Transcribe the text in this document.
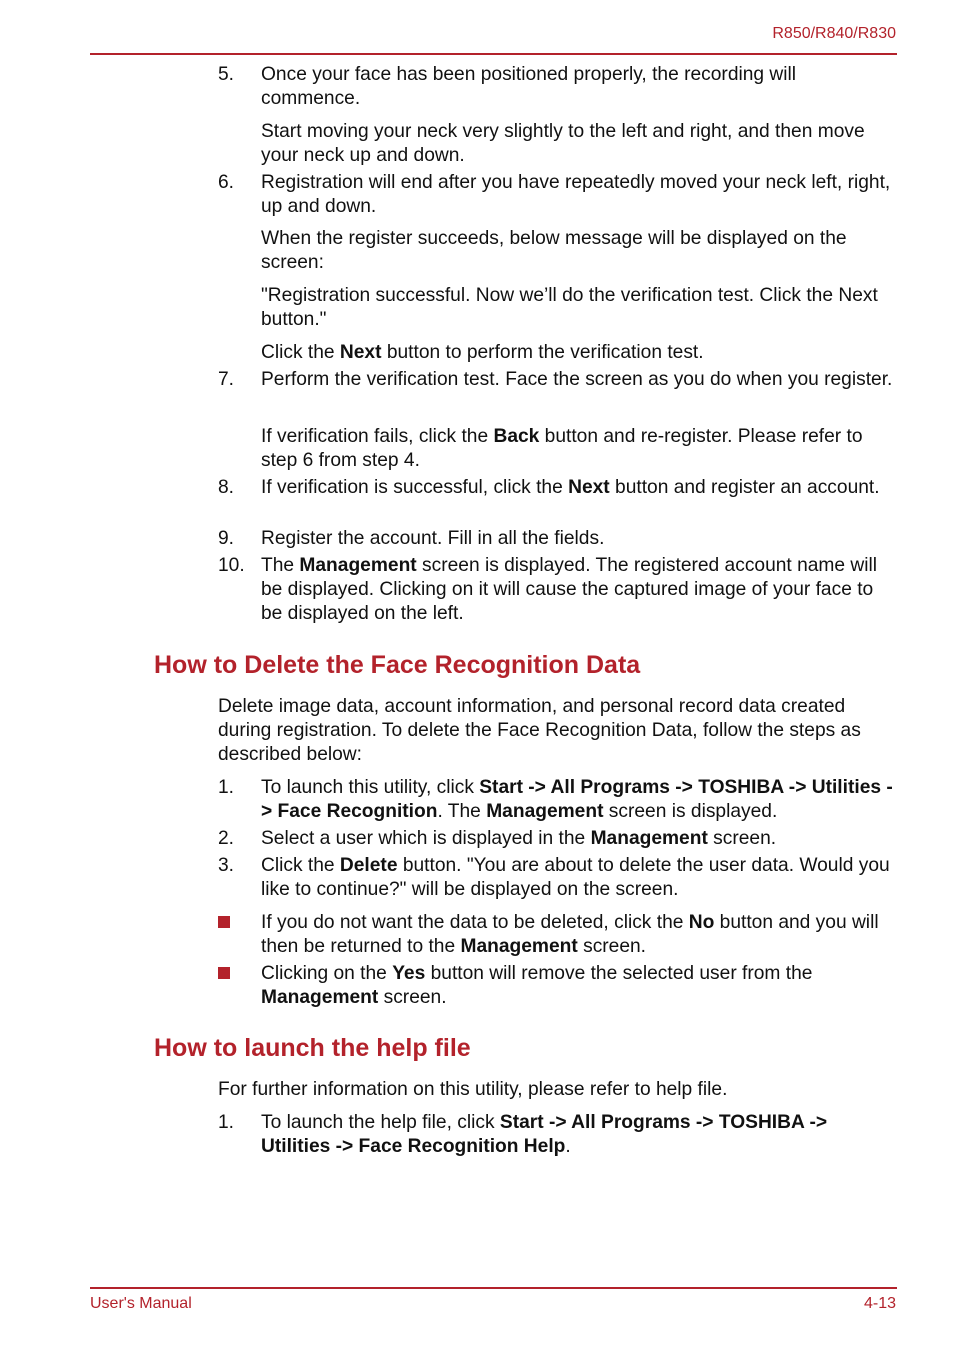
R850/R840/R830
5. Once your face has been positioned properly, the recording will commence.
Start moving your neck very slightly to the left and right, and then move your neck up and down.
6. Registration will end after you have repeatedly moved your neck left, right, up and down.
When the register succeeds, below message will be displayed on the screen:
"Registration successful. Now we’ll do the verification test. Click the Next button."
Click the Next button to perform the verification test.
7. Perform the verification test. Face the screen as you do when you register.
If verification fails, click the Back button and re-register. Please refer to step 6 from step 4.
8. If verification is successful, click the Next button and register an account.
9. Register the account. Fill in all the fields.
10. The Management screen is displayed. The registered account name will be displayed. Clicking on it will cause the captured image of your face to be displayed on the left.
How to Delete the Face Recognition Data
Delete image data, account information, and personal record data created during registration. To delete the Face Recognition Data, follow the steps as described below:
1. To launch this utility, click Start -> All Programs -> TOSHIBA -> Utilities -> Face Recognition. The Management screen is displayed.
2. Select a user which is displayed in the Management screen.
3. Click the Delete button. "You are about to delete the user data. Would you like to continue?" will be displayed on the screen.
If you do not want the data to be deleted, click the No button and you will then be returned to the Management screen.
Clicking on the Yes button will remove the selected user from the Management screen.
How to launch the help file
For further information on this utility, please refer to help file.
1. To launch the help file, click Start -> All Programs -> TOSHIBA -> Utilities -> Face Recognition Help.
User's Manual	4-13
